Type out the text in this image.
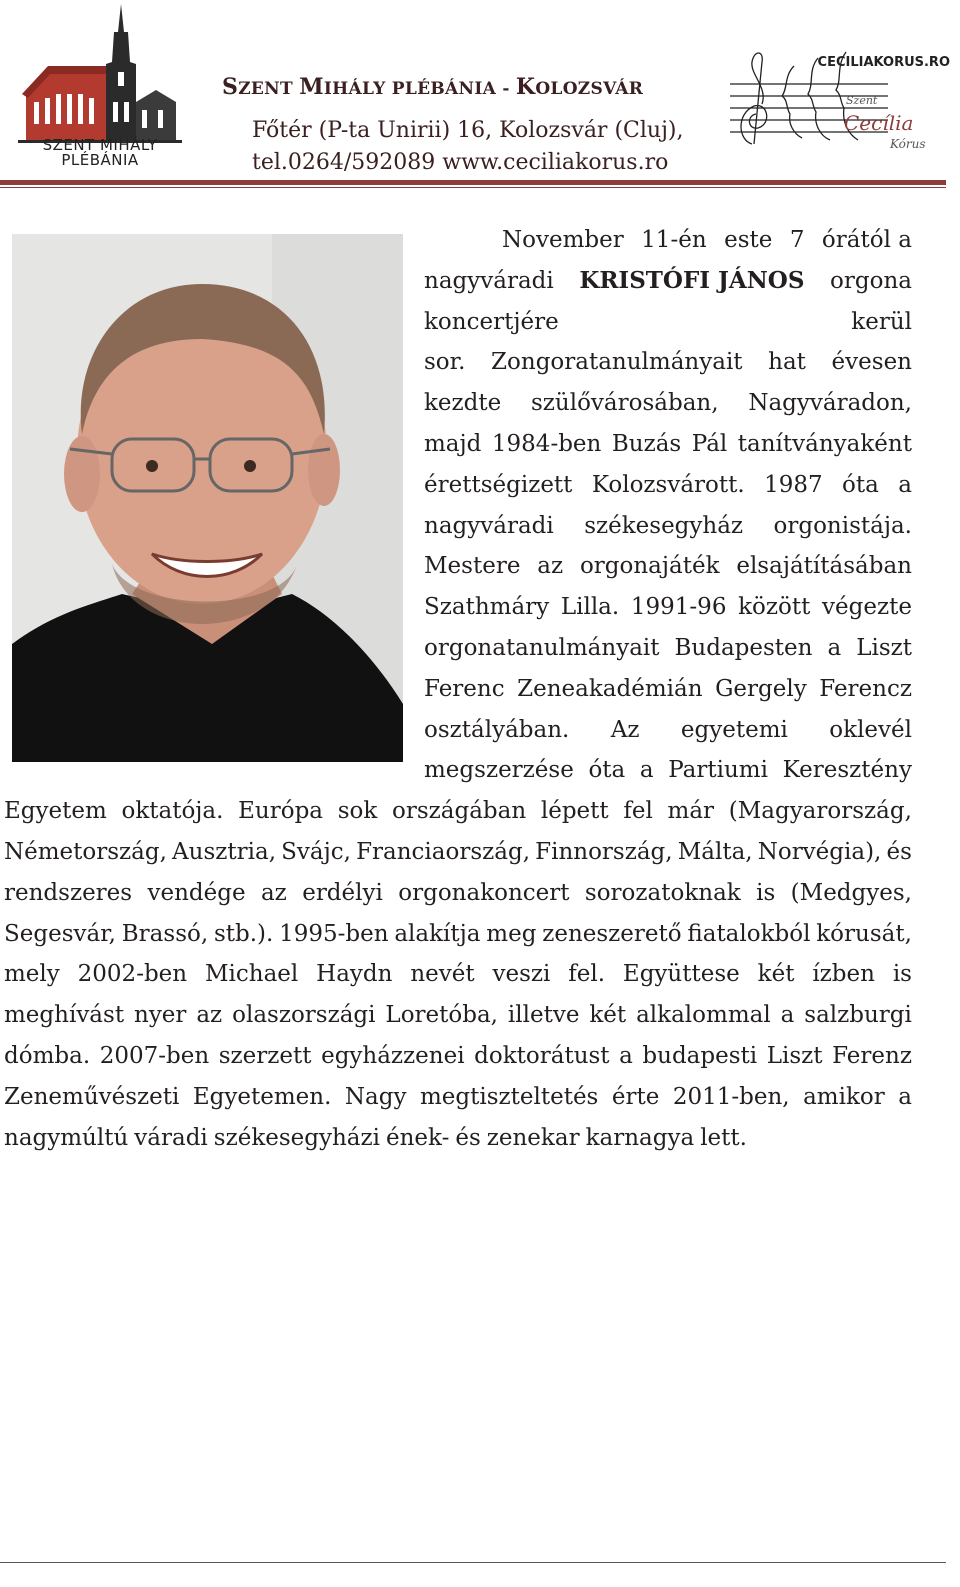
SZENT MIHÁLY
PLÉBÁNIA
SZENT MIHÁLY PLÉBÁNIA - KOLOZSVÁR
Főtér (P-ta Unirii) 16, Kolozsvár (Cluj),
tel.0264/592089 www.ceciliakorus.ro
CECILIAKORUS.RO
Szent
Cecília
Kórus
November 11-én este 7 órától a
nagyváradi KRISTÓFI JÁNOS orgona
koncertjére	kerül
sor. Zongoratanulmányait hat évesen
kezdte szülővárosában, Nagyváradon,
majd 1984-ben Buzás Pál tanítványaként
érettségizett Kolozsvárott. 1987 óta a
nagyváradi székesegyház orgonistája.
Mestere az orgonajáték elsajátításában
Szathmáry Lilla. 1991-96 között végezte
orgonatanulmányait Budapesten a Liszt
Ferenc Zeneakadémián Gergely Ferencz
osztályában. Az egyetemi oklevél
megszerzése óta a Partiumi Keresztény
Egyetem oktatója. Európa sok országában lépett fel már (Magyarország,
Németország, Ausztria, Svájc, Franciaország, Finnország, Málta, Norvégia), és
rendszeres vendége az erdélyi orgonakoncert sorozatoknak is (Medgyes,
Segesvár, Brassó, stb.). 1995-ben alakítja meg zeneszerető fiatalokból kórusát,
mely 2002-ben Michael Haydn nevét veszi fel. Együttese két ízben is
meghívást nyer az olaszországi Loretóba, illetve két alkalommal a salzburgi
dómba. 2007-ben szerzett egyházzenei doktorátust a budapesti Liszt Ferenz
Zeneművészeti Egyetemen. Nagy megtiszteltetés érte 2011-ben, amikor a
nagymúltú váradi székesegyházi ének- és zenekar karnagya lett.
